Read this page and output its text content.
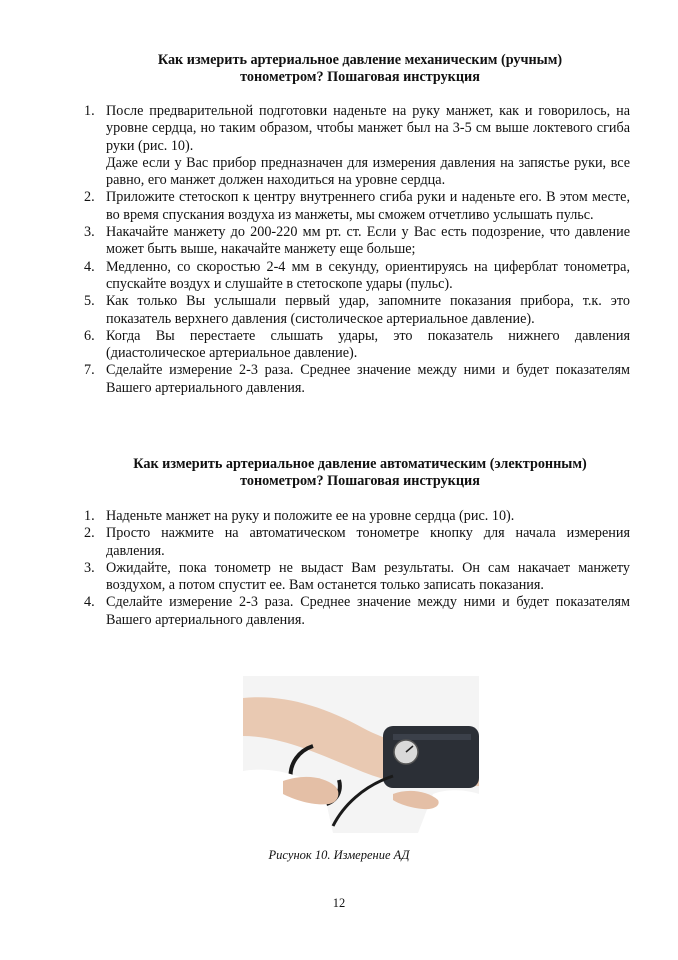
Как измерить артериальное давление механическим (ручным)
тонометром? Пошаговая инструкция
1. После предварительной подготовки наденьте на руку манжет, как и говорилось, на уровне сердца, но таким образом, чтобы манжет был на 3-5 см выше локтевого сгиба руки (рис. 10).
Даже если у Вас прибор предназначен для измерения давления на запястье руки, все равно, его манжет должен находиться на уровне сердца.
2. Приложите стетоскоп к центру внутреннего сгиба руки и наденьте его. В этом месте, во время спускания воздуха из манжеты, мы сможем отчетливо услышать пульс.
3. Накачайте манжету до 200-220 мм рт. ст. Если у Вас есть подозрение, что давление может быть выше, накачайте манжету еще больше;
4. Медленно, со скоростью 2-4 мм в секунду, ориентируясь на циферблат тонометра, спускайте воздух и слушайте в стетоскопе удары (пульс).
5. Как только Вы услышали первый удар, запомните показания прибора, т.к. это показатель верхнего давления (систолическое артериальное давление).
6. Когда Вы перестаете слышать удары, это показатель нижнего давления (диастолическое артериальное давление).
7. Сделайте измерение 2-3 раза. Среднее значение между ними и будет показателям Вашего артериального давления.
Как измерить артериальное давление автоматическим (электронным)
тонометром? Пошаговая инструкция
1. Наденьте манжет на руку и положите ее на уровне сердца (рис. 10).
2. Просто нажмите на автоматическом тонометре кнопку для начала измерения давления.
3. Ожидайте, пока тонометр не выдаст Вам результаты. Он сам накачает манжету воздухом, а потом спустит ее. Вам останется только записать показания.
4. Сделайте измерение 2-3 раза. Среднее значение между ними и будет показателям Вашего артериального давления.
Рисунок 10. Измерение АД
12
